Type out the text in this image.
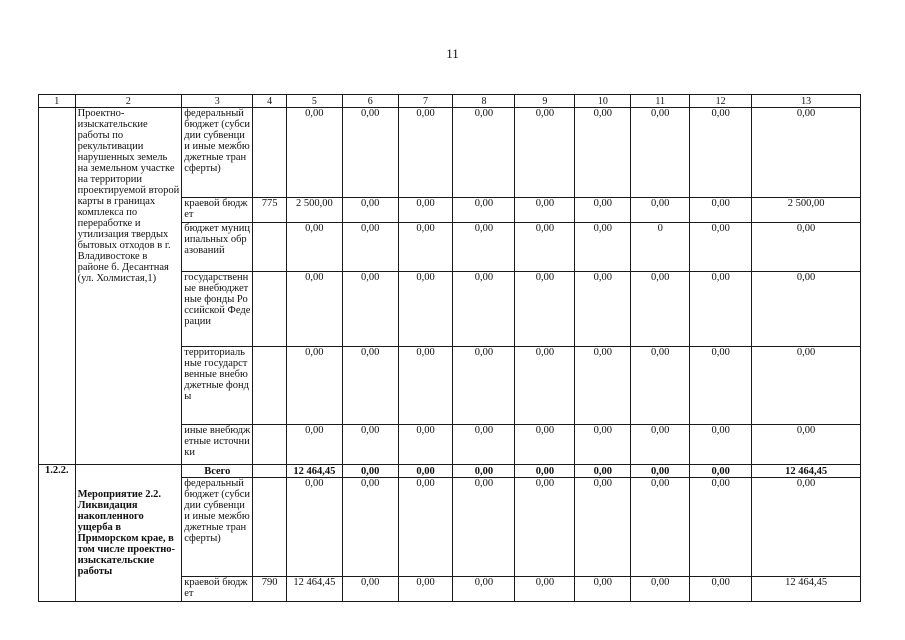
11
1	2	3	4	5	6	7	8	9	10	11	12	13
	Проектно-изыскательские работы по рекультивации нарушенных земель на земельном участке на территории проектируемой второй карты в границах комплекса по переработке и утилизация твердых бытовых отходов в г. Владивостоке в районе б. Десантная (ул. Холмистая,1)	федеральный бюджет (субсидии субвенции иные межбюджетные трансферты)		0,00	0,00	0,00	0,00	0,00	0,00	0,00	0,00	0,00
		краевой бюджет	775	2 500,00	0,00	0,00	0,00	0,00	0,00	0,00	0,00	2 500,00
		бюджет муниципальных образований		0,00	0,00	0,00	0,00	0,00	0,00	0	0,00	0,00
		государственные внебюджетные фонды Российской Федерации		0,00	0,00	0,00	0,00	0,00	0,00	0,00	0,00	0,00
		территориальные государственные внебюджетные фонды		0,00	0,00	0,00	0,00	0,00	0,00	0,00	0,00	0,00
		иные внебюджетные источники		0,00	0,00	0,00	0,00	0,00	0,00	0,00	0,00	0,00
1.2.2.	Мероприятие 2.2. Ликвидация накопленного ущерба в Приморском крае, в том числе проектно-изыскательские работы	Всего		12 464,45	0,00	0,00	0,00	0,00	0,00	0,00	0,00	12 464,45
		федеральный бюджет (субсидии субвенции иные межбюджетные трансферты)		0,00	0,00	0,00	0,00	0,00	0,00	0,00	0,00	0,00
		краевой бюджет	790	12 464,45	0,00	0,00	0,00	0,00	0,00	0,00	0,00	12 464,45
